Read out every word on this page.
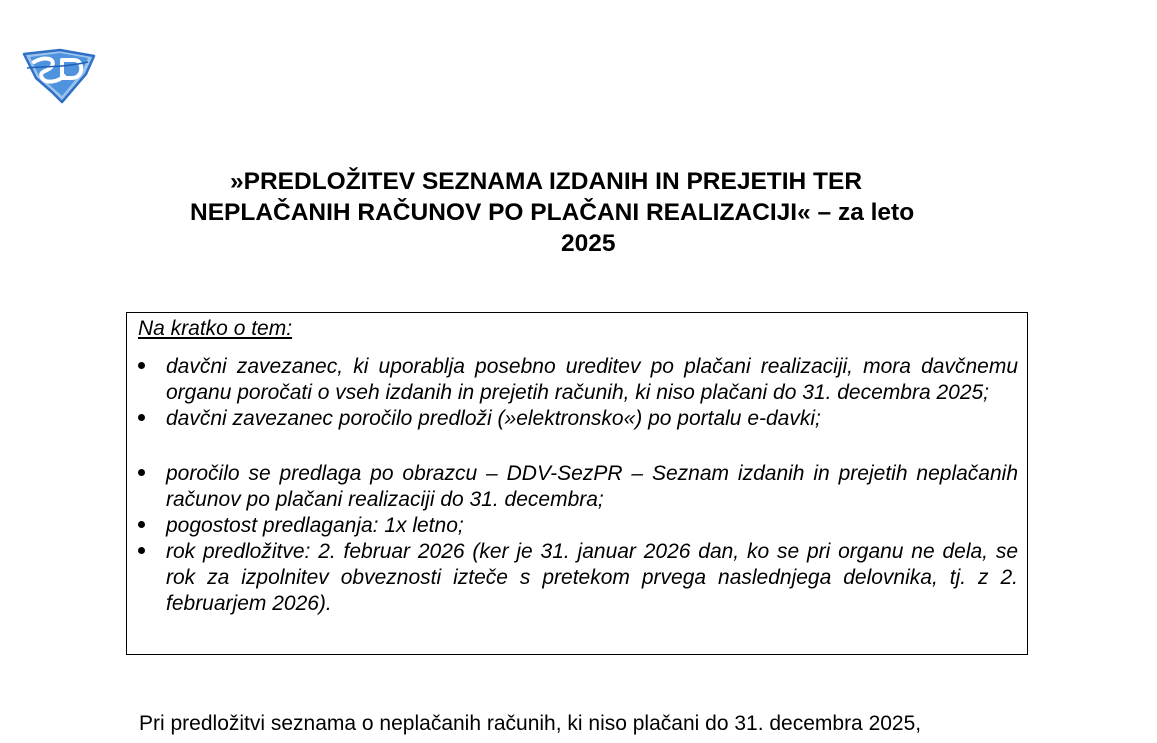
»PREDLOŽITEV SEZNAMA IZDANIH IN PREJETIH TER
NEPLAČANIH RAČUNOV PO PLAČANI REALIZACIJI« – za leto
2025
Na kratko o tem:
davčni zavezanec, ki uporablja posebno ureditev po plačani realizaciji, mora davčnemu organu poročati o vseh izdanih in prejetih računih, ki niso plačani do 31. decembra 2025;
davčni zavezanec poročilo predloži (»elektronsko«) po portalu e-davki;
poročilo se predlaga po obrazcu – DDV-SezPR – Seznam izdanih in prejetih neplačanih računov po plačani realizaciji do 31. decembra;
pogostost predlaganja: 1x letno;
rok predložitve: 2. februar 2026 (ker je 31. januar 2026 dan, ko se pri organu ne dela, se rok za izpolnitev obveznosti izteče s pretekom prvega naslednjega delovnika, tj. z 2. februarjem 2026).
Pri predložitvi seznama o neplačanih računih, ki niso plačani do 31. decembra 2025,
